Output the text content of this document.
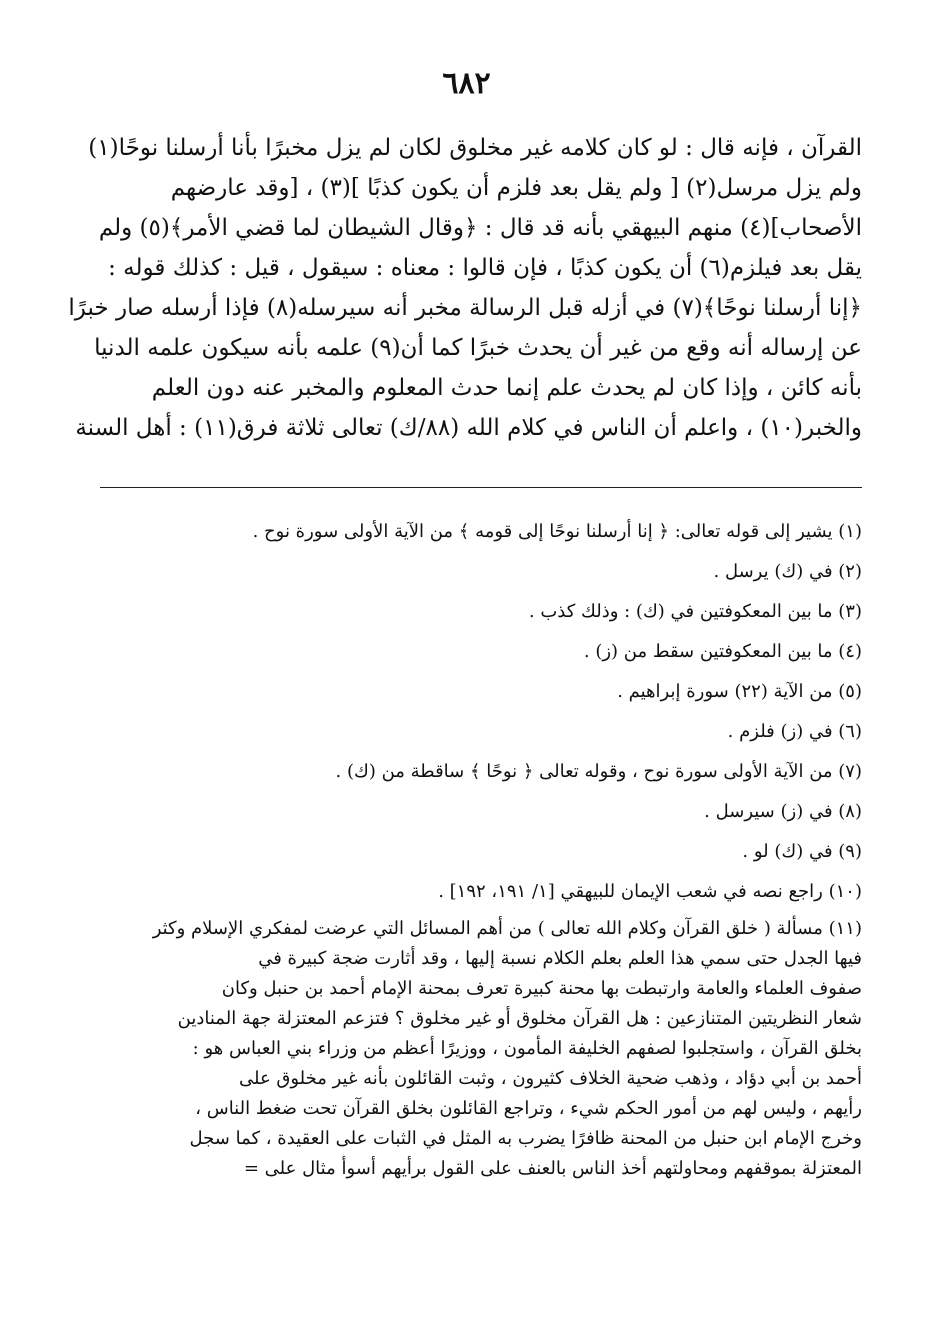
٦٨٢
القرآن ، فإنه قال : لو كان كلامه غير مخلوق لكان لم يزل مخبرًا بأنا أرسلنا نوحًا(١)
ولم يزل مرسل(٢) [ ولم يقل بعد فلزم أن يكون كذبًا ](٣) ، [وقد عارضهم
الأصحاب](٤) منهم البيهقي بأنه قد قال : ﴿وقال الشيطان لما قضي الأمر﴾(٥) ولم
يقل بعد فيلزم(٦) أن يكون كذبًا ، فإن قالوا : معناه : سيقول ، قيل : كذلك قوله :
﴿إنا أرسلنا نوحًا﴾(٧) في أزله قبل الرسالة مخبر أنه سيرسله(٨) فإذا أرسله صار خبرًا
عن إرساله أنه وقع من غير أن يحدث خبرًا كما أن(٩) علمه بأنه سيكون علمه الدنيا
بأنه كائن ، وإذا كان لم يحدث علم إنما حدث المعلوم والمخبر عنه دون العلم
والخبر(١٠) ، واعلم أن الناس في كلام الله (٨٨/ك) تعالى ثلاثة فرق(١١) : أهل السنة
(١) يشير إلى قوله تعالى: ﴿ إنا أرسلنا نوحًا إلى قومه ﴾ من الآية الأولى سورة نوح .
(٢) في (ك) يرسل .
(٣) ما بين المعكوفتين في (ك) : وذلك كذب .
(٤) ما بين المعكوفتين سقط من (ز) .
(٥) من الآية (٢٢) سورة إبراهيم .
(٦) في (ز) فلزم .
(٧) من الآية الأولى سورة نوح ، وقوله تعالى ﴿ نوحًا ﴾ ساقطة من (ك) .
(٨) في (ز) سيرسل .
(٩) في (ك) لو .
(١٠) راجع نصه في شعب الإيمان للبيهقي [١/ ١٩١، ١٩٢] .
(١١) مسألة ( خلق القرآن وكلام الله تعالى ) من أهم المسائل التي عرضت لمفكري الإسلام وكثر
فيها الجدل حتى سمي هذا العلم بعلم الكلام نسبة إليها ، وقد أثارت ضجة كبيرة في
صفوف العلماء والعامة وارتبطت بها محنة كبيرة تعرف بمحنة الإمام أحمد بن حنبل وكان
شعار النظريتين المتنازعين : هل القرآن مخلوق أو غير مخلوق ؟ فتزعم المعتزلة جهة المنادين
بخلق القرآن ، واستجلبوا لصفهم الخليفة المأمون ، ووزيرًا أعظم من وزراء بني العباس هو :
أحمد بن أبي دؤاد ، وذهب ضحية الخلاف كثيرون ، وثبت القائلون بأنه غير مخلوق على
رأيهم ، وليس لهم من أمور الحكم شيء ، وتراجع القائلون بخلق القرآن تحت ضغط الناس ،
وخرج الإمام ابن حنبل من المحنة ظافرًا يضرب به المثل في الثبات على العقيدة ، كما سجل
المعتزلة بموقفهم ومحاولتهم أخذ الناس بالعنف على القول برأيهم أسوأ مثال على =
